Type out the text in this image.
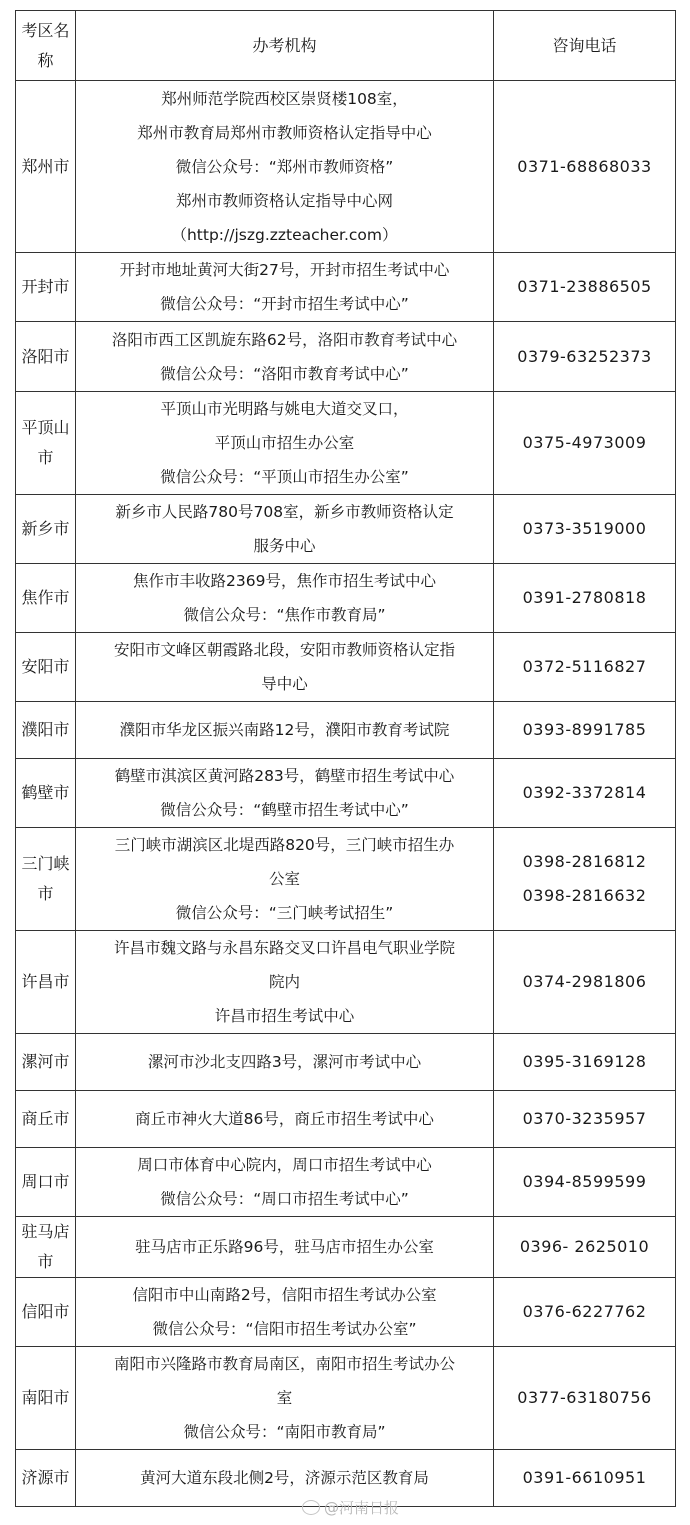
考区名称	办考机构	咨询电话
郑州市	郑州师范学院西校区崇贤楼108室，
郑州市教育局郑州市教师资格认定指导中心
微信公众号：“郑州市教师资格”
郑州市教师资格认定指导中心网
（http://jszg.zzteacher.com）	0371-68868033

开封市	开封市地址黄河大街27号，开封市招生考试中心
微信公众号：“开封市招生考试中心”	0371-23886505

洛阳市	洛阳市西工区凯旋东路62号，洛阳市教育考试中心
微信公众号：“洛阳市教育考试中心”	0379-63252373

平顶山市	平顶山市光明路与姚电大道交叉口，
平顶山市招生办公室
微信公众号：“平顶山市招生办公室”	0375-4973009

新乡市	新乡市人民路780号708室，新乡市教师资格认定
服务中心	0373-3519000

焦作市	焦作市丰收路2369号，焦作市招生考试中心
微信公众号：“焦作市教育局”	0391-2780818

安阳市	安阳市文峰区朝霞路北段，安阳市教师资格认定指
导中心	0372-5116827

濮阳市	濮阳市华龙区振兴南路12号，濮阳市教育考试院	0393-8991785

鹤壁市	鹤壁市淇滨区黄河路283号，鹤壁市招生考试中心
微信公众号：“鹤壁市招生考试中心”	0392-3372814

三门峡市	三门峡市湖滨区北堤西路820号，三门峡市招生办
公室
微信公众号：“三门峡考试招生”	0398-2816812
0398-2816632

许昌市	许昌市魏文路与永昌东路交叉口许昌电气职业学院
院内
许昌市招生考试中心	0374-2981806

漯河市	漯河市沙北支四路3号，漯河市考试中心	0395-3169128

商丘市	商丘市神火大道86号，商丘市招生考试中心	0370-3235957

周口市	周口市体育中心院内，周口市招生考试中心
微信公众号：“周口市招生考试中心”	0394-8599599

驻马店市	驻马店市正乐路96号，驻马店市招生办公室	0396- 2625010

信阳市	信阳市中山南路2号，信阳市招生考试办公室
微信公众号：“信阳市招生考试办公室”	0376-6227762

南阳市	南阳市兴隆路市教育局南区，南阳市招生考试办公
室
微信公众号：“南阳市教育局”	0377-63180756

济源市	黄河大道东段北侧2号，济源示范区教育局	0391-6610951
@河南日报
